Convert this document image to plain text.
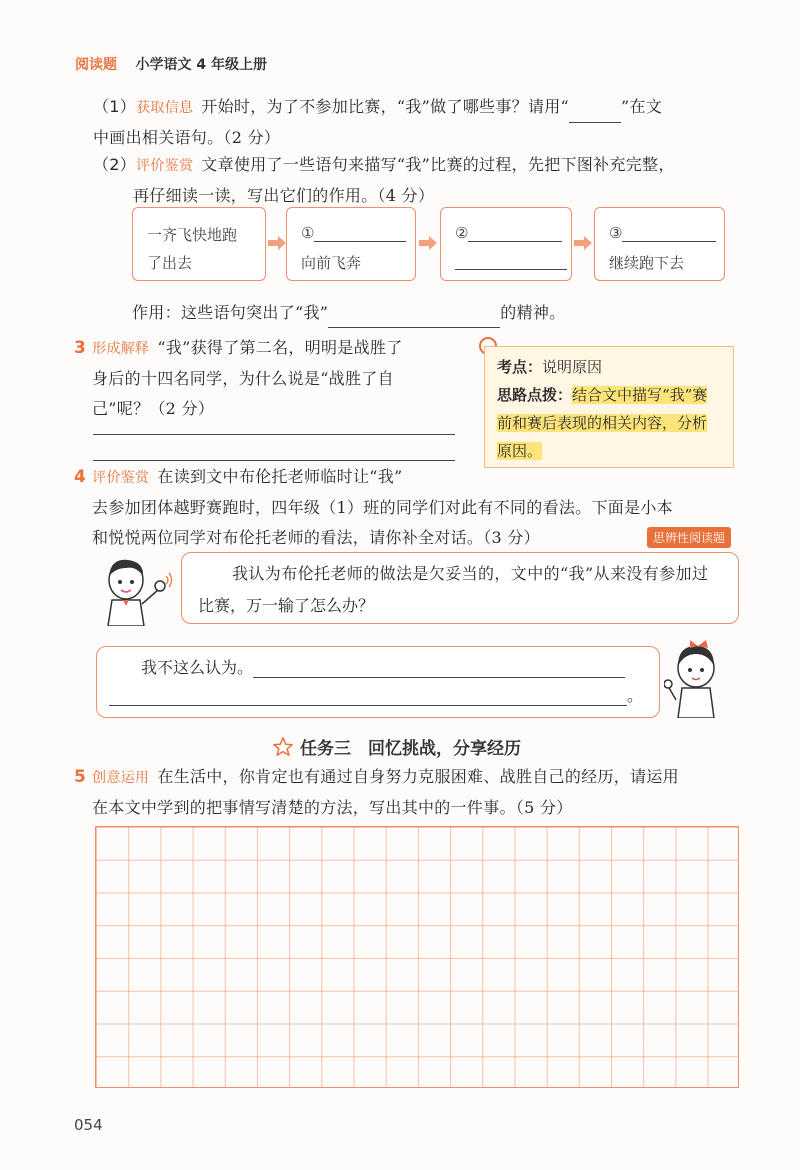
阅读题 小学语文 4 年级上册
（1）获取信息 开始时，为了不参加比赛，“我”做了哪些事？请用“	”在文
中画出相关语句。（2 分）
（2）评价鉴赏 文章使用了一些语句来描写“我”比赛的过程，先把下图补充完整，
再仔细读一读，写出它们的作用。（4 分）
一齐飞快地跑
了出去
①
向前飞奔
②	③
继续跑下去
作用：这些语句突出了“我”	的精神。
3 形成解释 “我”获得了第二名，明明是战胜了
身后的十四名同学，为什么说是“战胜了自
己”呢？（2 分）
考点：说明原因
思路点拨：结合文中描写“我”赛
前和赛后表现的相关内容，分析
原因。
4 评价鉴赏 在读到文中布伦托老师临时让“我”
去参加团体越野赛跑时，四年级（1）班的同学们对此有不同的看法。下面是小本
和悦悦两位同学对布伦托老师的看法，请你补全对话。（3 分）	思辨性阅读题
我认为布伦托老师的做法是欠妥当的，文中的“我”从来没有参加过
比赛，万一输了怎么办？
我不这么认为。
。
任务三　回忆挑战，分享经历
5 创意运用 在生活中，你肯定也有通过自身努力克服困难、战胜自己的经历，请运用
在本文中学到的把事情写清楚的方法，写出其中的一件事。（5 分）
054
